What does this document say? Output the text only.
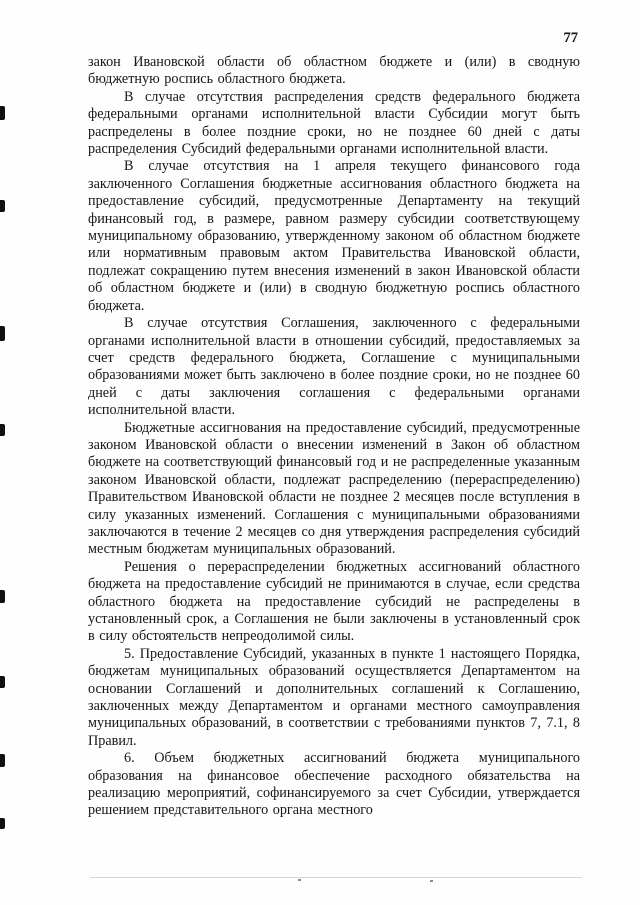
77

закон Ивановской области об областном бюджете и (или) в сводную бюджетную роспись областного бюджета.

В случае отсутствия распределения средств федерального бюджета федеральными органами исполнительной власти Субсидии могут быть распределены в более поздние сроки, но не позднее 60 дней с даты распределения Субсидий федеральными органами исполнительной власти.

В случае отсутствия на 1 апреля текущего финансового года заключенного Соглашения бюджетные ассигнования областного бюджета на предоставление субсидий, предусмотренные Департаменту на текущий финансовый год, в размере, равном размеру субсидии соответствующему муниципальному образованию, утвержденному законом об областном бюджете или нормативным правовым актом Правительства Ивановской области, подлежат сокращению путем внесения изменений в закон Ивановской области об областном бюджете и (или) в сводную бюджетную роспись областного бюджета.

В случае отсутствия Соглашения, заключенного с федеральными органами исполнительной власти в отношении субсидий, предоставляемых за счет средств федерального бюджета, Соглашение с муниципальными образованиями может быть заключено в более поздние сроки, но не позднее 60 дней с даты заключения соглашения с федеральными органами исполнительной власти.

Бюджетные ассигнования на предоставление субсидий, предусмотренные законом Ивановской области о внесении изменений в Закон об областном бюджете на соответствующий финансовый год и не распределенные указанным законом Ивановской области, подлежат распределению (перераспределению) Правительством Ивановской области не позднее 2 месяцев после вступления в силу указанных изменений. Соглашения с муниципальными образованиями заключаются в течение 2 месяцев со дня утверждения распределения субсидий местным бюджетам муниципальных образований.

Решения о перераспределении бюджетных ассигнований областного бюджета на предоставление субсидий не принимаются в случае, если средства областного бюджета на предоставление субсидий не распределены в установленный срок, а Соглашения не были заключены в установленный срок в силу обстоятельств непреодолимой силы.

5. Предоставление Субсидий, указанных в пункте 1 настоящего Порядка, бюджетам муниципальных образований осуществляется Департаментом на основании Соглашений и дополнительных соглашений к Соглашению, заключенных между Департаментом и органами местного самоуправления муниципальных образований, в соответствии с требованиями пунктов 7, 7.1, 8 Правил.

6. Объем бюджетных ассигнований бюджета муниципального образования на финансовое обеспечение расходного обязательства на реализацию мероприятий, софинансируемого за счет Субсидии, утверждается решением представительного органа местного
